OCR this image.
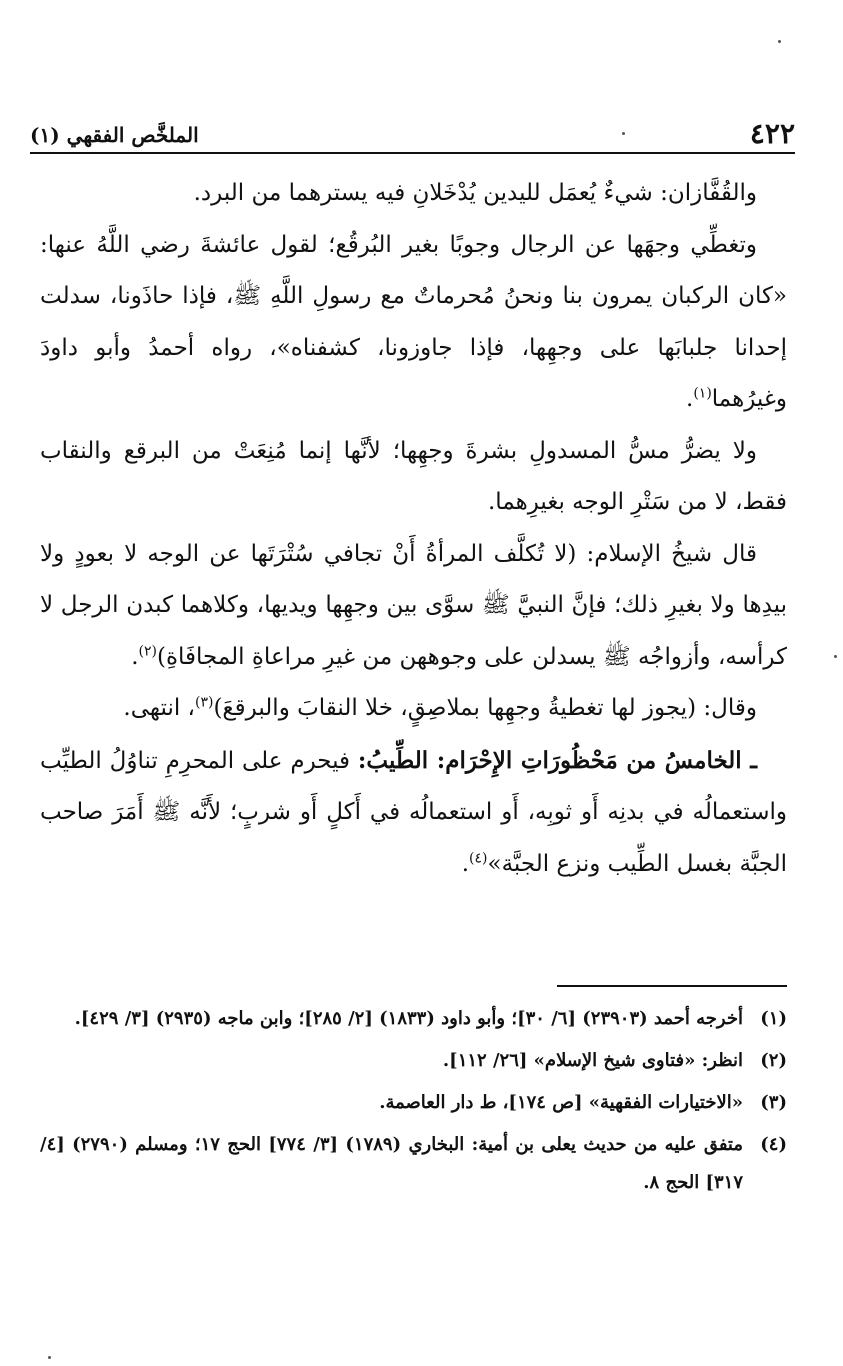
٤٢٢
الملخَّص الفقهي (١)

والقُفَّازان: شيءٌ يُعمَل لليدين يُدْخَلانِ فيه يسترهما من البرد.

وتغطِّي وجهَها عن الرجال وجوبًا بغير البُرقُع؛ لقول عائشةَ رضي اللَّهُ عنها: «كان الركبان يمرون بنا ونحنُ مُحرماتٌ مع رسولِ اللَّهِ ﷺ، فإذا حاذَونا، سدلت إحدانا جلبابَها على وجهِها، فإذا جاوزونا، كشفناه»، رواه أحمدُ وأبو داودَ وغيرُهما$^{(١)}$.

ولا يضرُّ مسُّ المسدولِ بشرةَ وجهِها؛ لأنَّها إنما مُنِعَتْ من البرقع والنقاب فقط، لا من سَتْرِ الوجه بغيرِهما.

قال شيخُ الإسلام: (لا تُكلَّف المرأةُ أَنْ تجافي سُتْرَتَها عن الوجه لا بعودٍ ولا بيدِها ولا بغيرِ ذلك؛ فإنَّ النبيَّ ﷺ سوَّى بين وجهِها ويديها، وكلاهما كبدن الرجل لا كرأسه، وأزواجُه ﷺ يسدلن على وجوههن من غيرِ مراعاةِ المجافَاةِ)$^{(٢)}$.

وقال: (يجوز لها تغطيةُ وجهِها بملاصِقٍ، خلا النقابَ والبرقعَ)$^{(٣)}$، انتهى.

ـ الخامسُ من مَحْظُورَاتِ الإِحْرَام: الطِّيبُ: فيحرم على المحرِمِ تناوُلُ الطيِّب واستعمالُه في بدنِه أَو ثوبِه، أَو استعمالُه في أَكلٍ أَو شربٍ؛ لأَنَّه ﷺ أَمَرَ صاحب الجبَّة بغسل الطِّيب ونزع الجبَّة»$^{(٤)}$.

(١)
أخرجه أحمد (٢٣٩٠٣) [٦/ ٣٠]؛ وأبو داود (١٨٣٣) [٢/ ٢٨٥]؛ وابن ماجه (٢٩٣٥) [٣/ ٤٢٩].
(٢)
انظر: «فتاوى شيخ الإسلام» [٢٦/ ١١٢].
(٣)
«الاختيارات الفقهية» [ص ١٧٤]، ط دار العاصمة.
(٤)
متفق عليه من حديث يعلى بن أمية: البخاري (١٧٨٩) [٣/ ٧٧٤] الحج ١٧؛ ومسلم (٢٧٩٠) [٤/ ٣١٧] الحج ٨.
